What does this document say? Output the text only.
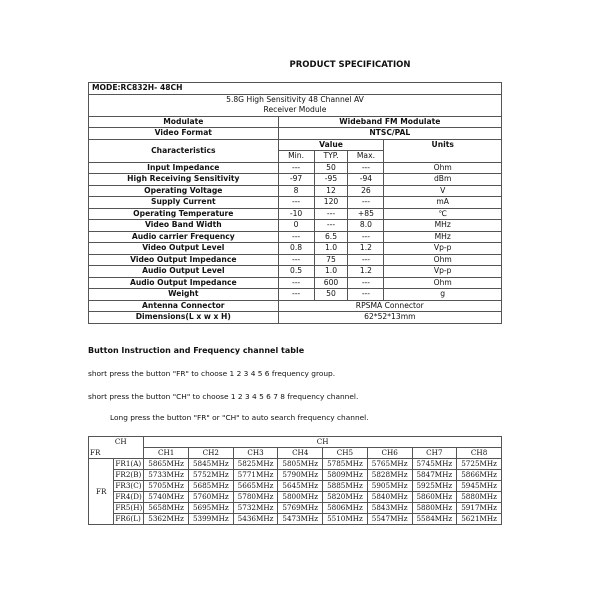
PRODUCT SPECIFICATION
MODE:RC832H- 48CH				
5.8G High Sensitivity 48 Channel AV				
Receiver Module				
Modulate	Wideband FM Modulate			
Video Format	NTSC/PAL			
Characteristics	Value			Units
	Min.	TYP.	Max.	
Input Impedance	---	50	---	Ohm
High Receiving Sensitivity	-97	-95	-94	dBm
Operating Voltage	8	12	26	V
Supply Current	---	120	---	mA
Operating Temperature	-10	---	+85	℃
Video Band Width	0	---	8.0	MHz
Audio carrier Frequency	---	6.5	---	MHz
Video Output Level	0.8	1.0	1.2	Vp-p
Video Output Impedance	---	75	---	Ohm
Audio Output Level	0.5	1.0	1.2	Vp-p
Audio Output Impedance	---	600	---	Ohm
Weight	---	50	---	g
Antenna Connector	RPSMA Connector			
Dimensions(L x w x H)	62*52*13mm			
Button Instruction and Frequency channel table
short press the button "FR" to choose 1 2 3 4 5 6 frequency group.
short press the button "CH" to choose 1 2 3 4 5 6 7 8 frequency channel.
Long press the button "FR" or "CH" to auto search frequency channel.
	CH	CH							
FR		CH1	CH2	CH3	CH4	CH5	CH6	CH7	CH8
FR	FR1(A)	5865MHz	5845MHz	5825MHz	5805MHz	5785MHz	5765MHz	5745MHz	5725MHz
	FR2(B)	5733MHz	5752MHz	5771MHz	5790MHz	5809MHz	5828MHz	5847MHz	5866MHz
	FR3(C)	5705MHz	5685MHz	5665MHz	5645MHz	5885MHz	5905MHz	5925MHz	5945MHz
	FR4(D)	5740MHz	5760MHz	5780MHz	5800MHz	5820MHz	5840MHz	5860MHz	5880MHz
	FR5(H)	5658MHz	5695MHz	5732MHz	5769MHz	5806MHz	5843MHz	5880MHz	5917MHz
	FR6(L)	5362MHz	5399MHz	5436MHz	5473MHz	5510MHz	5547MHz	5584MHz	5621MHz
